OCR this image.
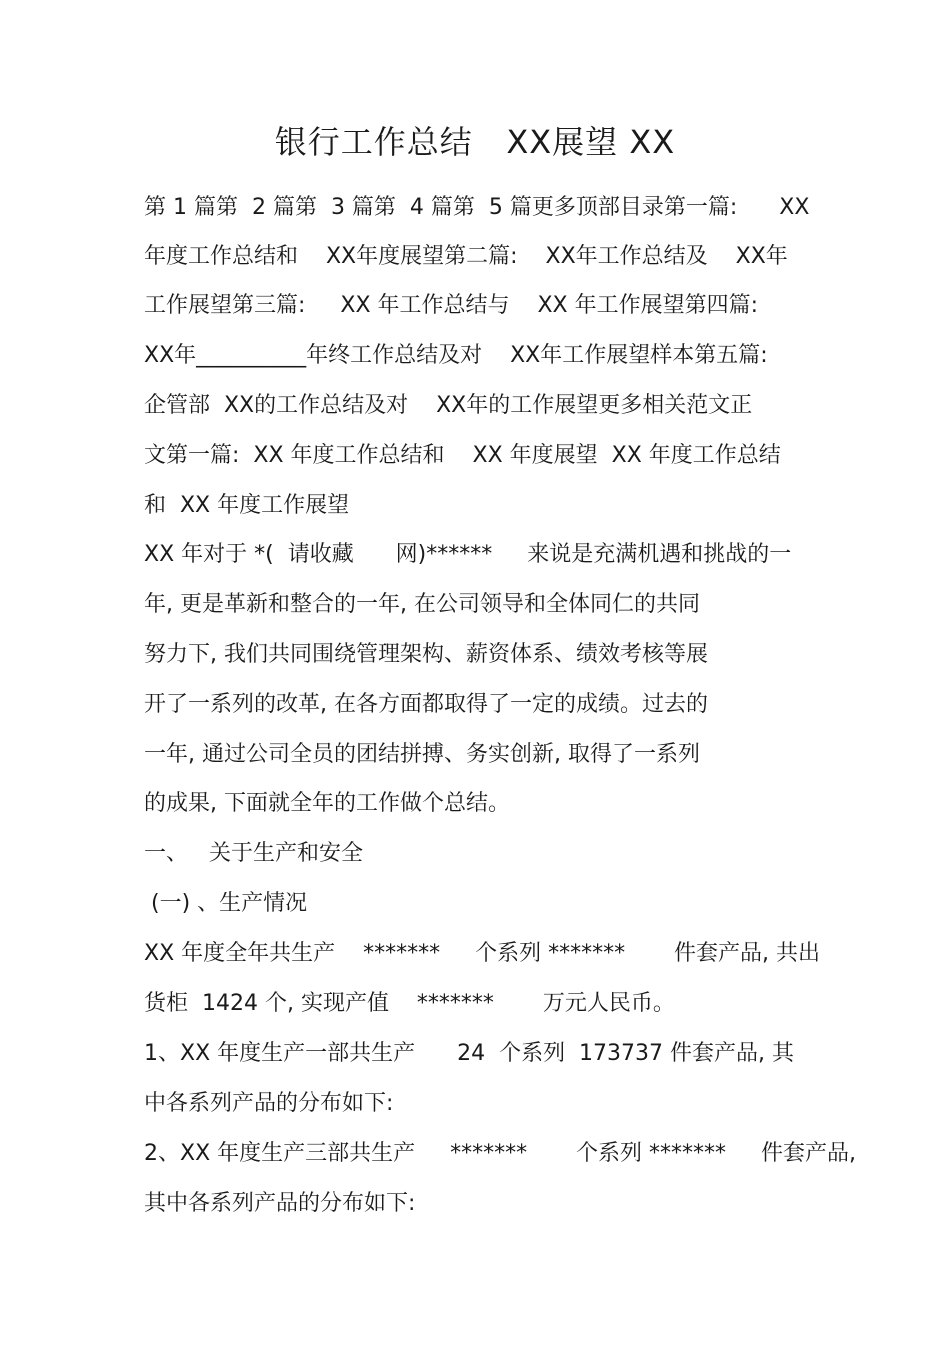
银行工作总结   XX展望 XX
第 1 篇第  2 篇第  3 篇第  4 篇第  5 篇更多顶部目录第一篇:      XX
年度工作总结和    XX年度展望第二篇:    XX年工作总结及    XX年
工作展望第三篇:     XX 年工作总结与    XX 年工作展望第四篇:
XX年__________年终工作总结及对    XX年工作展望样本第五篇:
企管部  XX的工作总结及对    XX年的工作展望更多相关范文正
文第一篇:  XX 年度工作总结和    XX 年度展望  XX 年度工作总结
和  XX 年度工作展望
XX 年对于 *(  请收藏      网)******     来说是充满机遇和挑战的一
年, 更是革新和整合的一年, 在公司领导和全体同仁的共同
努力下, 我们共同围绕管理架构、薪资体系、绩效考核等展
开了一系列的改革, 在各方面都取得了一定的成绩。过去的
一年, 通过公司全员的团结拼搏、务实创新, 取得了一系列
的成果, 下面就全年的工作做个总结。
一、   关于生产和安全
(一) 、生产情况
XX 年度全年共生产    *******     个系列 *******       件套产品, 共出
货柜  1424 个, 实现产值    *******       万元人民币。
1、XX 年度生产一部共生产      24  个系列  173737 件套产品, 其
中各系列产品的分布如下:
2、XX 年度生产三部共生产     *******       个系列 *******     件套产品,
其中各系列产品的分布如下:
